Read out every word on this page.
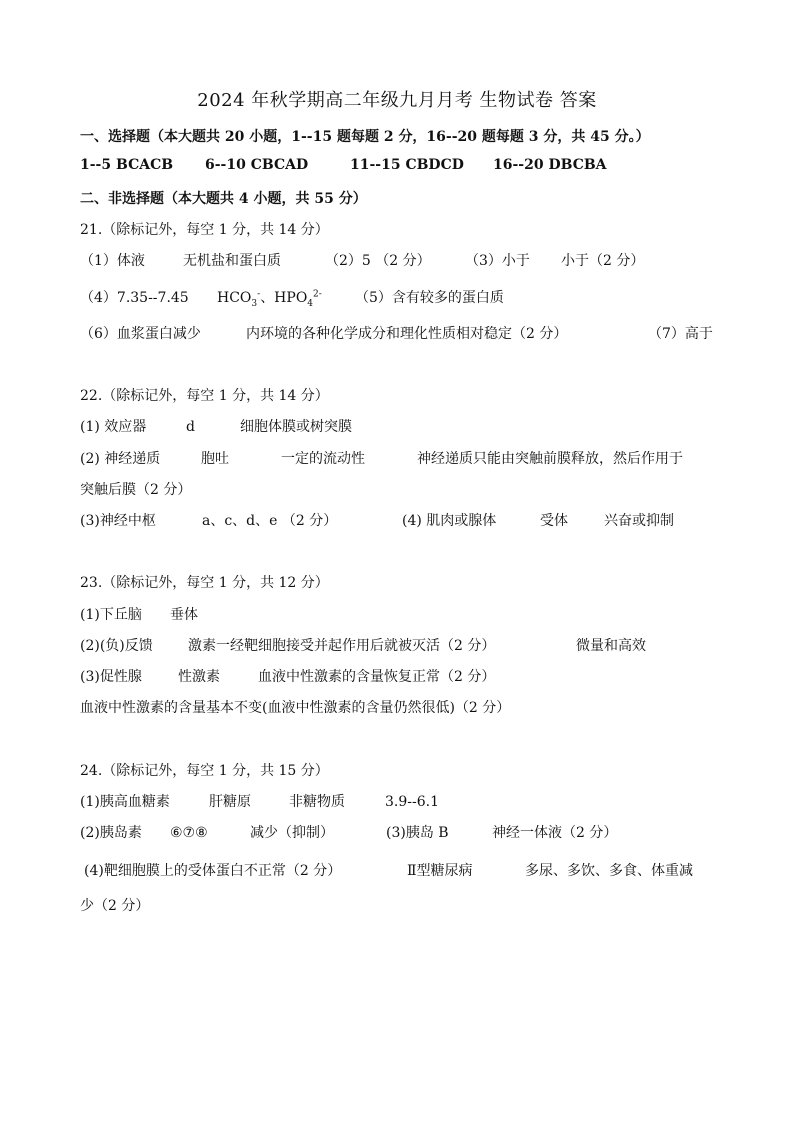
2024 年秋学期高二年级九月月考 生物试卷 答案
一、选择题（本大题共 20 小题，1--15 题每题 2 分，16--20 题每题 3 分，共 45 分。）
1--5 BCACB 6--10 CBCAD	11--15 CBDCD 16--20 DBCBA
二、非选择题（本大题共 4 小题，共 55 分）
21.（除标记外，每空 1 分，共 14 分）
（1）体液	无机盐和蛋白质	（2）5 （2 分） （3）小于 小于（2 分）
（4）7.35--7.45 $HCO_3^-$、$HPO_4^{2-}$ （5）含有较多的蛋白质
（6）血浆蛋白减少	内环境的各种化学成分和理化性质相对稳定（2 分）	（7）高于
22.（除标记外，每空 1 分，共 14 分）
(1) 效应器	d	细胞体膜或树突膜
(2) 神经递质	胞吐	一定的流动性	神经递质只能由突触前膜释放，然后作用于
突触后膜（2 分）
(3)神经中枢	a、c、d、e （2 分）	(4) 肌肉或腺体	受体	兴奋或抑制
23.（除标记外，每空 1 分，共 12 分）
(1)下丘脑 垂体
(2)(负)反馈	激素一经靶细胞接受并起作用后就被灭活（2 分）	微量和高效
(3)促性腺	性激素	血液中性激素的含量恢复正常（2 分）
血液中性激素的含量基本不变(血液中性激素的含量仍然很低)（2 分）
24.（除标记外，每空 1 分，共 15 分）
(1)胰高血糖素	肝糖原	非糖物质	3.9--6.1
(2)胰岛素 ⑥⑦⑧	减少（抑制）	(3)胰岛 B	神经一体液（2 分）
(4)靶细胞膜上的受体蛋白不正常（2 分）	Ⅱ型糖尿病	多尿、多饮、多食、体重减
少（2 分）
